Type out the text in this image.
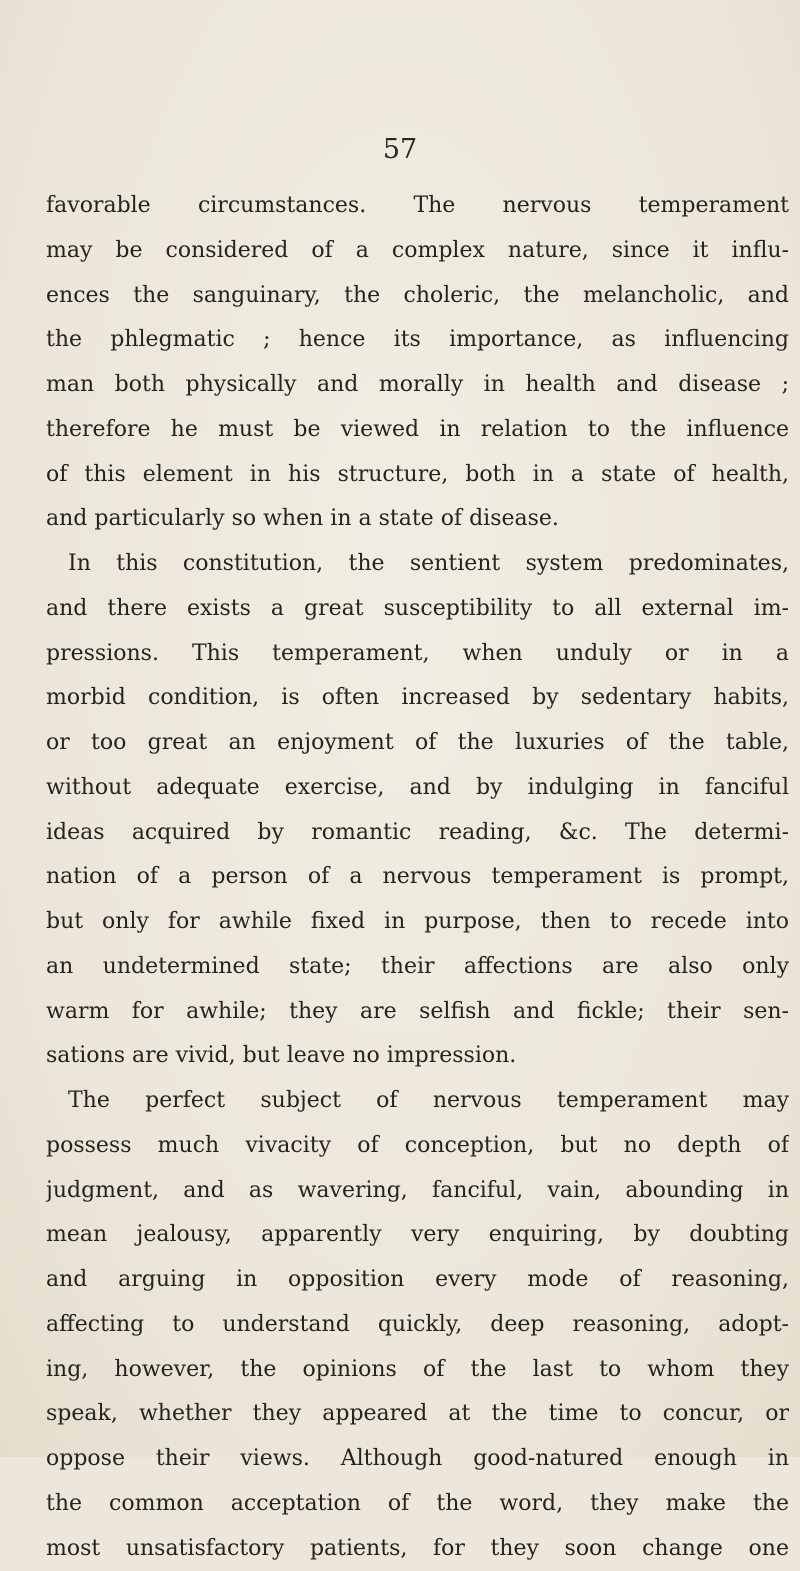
57
favorable circumstances. The nervous temperament
may be considered of a complex nature, since it influ-
ences the sanguinary, the choleric, the melancholic, and
the phlegmatic ; hence its importance, as influencing
man both physically and morally in health and disease ;
therefore he must be viewed in relation to the influence
of this element in his structure, both in a state of health,
and particularly so when in a state of disease.
In this constitution, the sentient system predominates,
and there exists a great susceptibility to all external im-
pressions. This temperament, when unduly or in a
morbid condition, is often increased by sedentary habits,
or too great an enjoyment of the luxuries of the table,
without adequate exercise, and by indulging in fanciful
ideas acquired by romantic reading, &c. The determi-
nation of a person of a nervous temperament is prompt,
but only for awhile fixed in purpose, then to recede into
an undetermined state; their affections are also only
warm for awhile; they are selfish and fickle; their sen-
sations are vivid, but leave no impression.
The perfect subject of nervous temperament may
possess much vivacity of conception, but no depth of
judgment, and as wavering, fanciful, vain, abounding in
mean jealousy, apparently very enquiring, by doubting
and arguing in opposition every mode of reasoning,
affecting to understand quickly, deep reasoning, adopt-
ing, however, the opinions of the last to whom they
speak, whether they appeared at the time to concur, or
oppose their views. Although good-natured enough in
the common acceptation of the word, they make the
most unsatisfactory patients, for they soon change one
